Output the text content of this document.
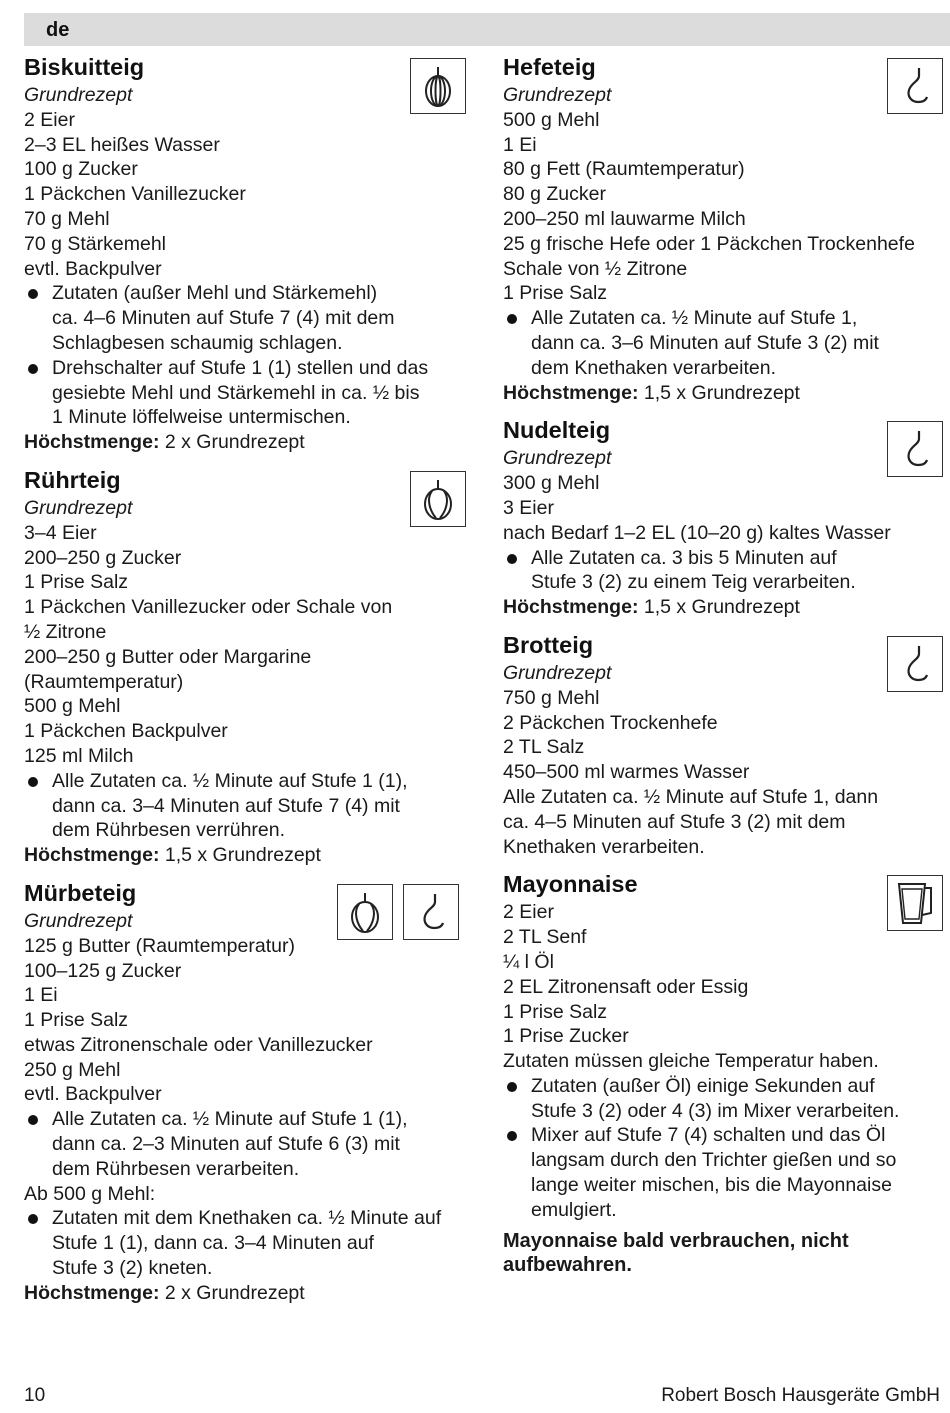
de
Biskuitteig
Grundrezept
2 Eier
2–3 EL heißes Wasser
100 g Zucker
1 Päckchen Vanillezucker
70 g Mehl
70 g Stärkemehl
evtl. Backpulver
Zutaten (außer Mehl und Stärkemehl)
ca. 4–6 Minuten auf Stufe 7 (4) mit dem
Schlagbesen schaumig schlagen.
Drehschalter auf Stufe 1 (1) stellen und das
gesiebte Mehl und Stärkemehl in ca. ½ bis
1 Minute löffelweise untermischen.
Höchstmenge: 2 x Grundrezept
Rührteig
Grundrezept
3–4 Eier
200–250 g Zucker
1 Prise Salz
1 Päckchen Vanillezucker oder Schale von
½ Zitrone
200–250 g Butter oder Margarine
(Raumtemperatur)
500 g Mehl
1 Päckchen Backpulver
125 ml Milch
Alle Zutaten ca. ½ Minute auf Stufe 1 (1),
dann ca. 3–4 Minuten auf Stufe 7 (4) mit
dem Rührbesen verrühren.
Höchstmenge: 1,5 x Grundrezept
Mürbeteig
Grundrezept
125 g Butter (Raumtemperatur)
100–125 g Zucker
1 Ei
1 Prise Salz
etwas Zitronenschale oder Vanillezucker
250 g Mehl
evtl. Backpulver
Alle Zutaten ca. ½ Minute auf Stufe 1 (1),
dann ca. 2–3 Minuten auf Stufe 6 (3) mit
dem Rührbesen verarbeiten.
Ab 500 g Mehl:
Zutaten mit dem Knethaken ca. ½ Minute auf
Stufe 1 (1), dann ca. 3–4 Minuten auf
Stufe 3 (2) kneten.
Höchstmenge: 2 x Grundrezept
Hefeteig
Grundrezept
500 g Mehl
1 Ei
80 g Fett (Raumtemperatur)
80 g Zucker
200–250 ml lauwarme Milch
25 g frische Hefe oder 1 Päckchen Trockenhefe
Schale von ½ Zitrone
1 Prise Salz
Alle Zutaten ca. ½ Minute auf Stufe 1,
dann ca. 3–6 Minuten auf Stufe 3 (2) mit
dem Knethaken verarbeiten.
Höchstmenge: 1,5 x Grundrezept
Nudelteig
Grundrezept
300 g Mehl
3 Eier
nach Bedarf 1–2 EL (10–20 g) kaltes Wasser
Alle Zutaten ca. 3 bis 5 Minuten auf
Stufe 3 (2) zu einem Teig verarbeiten.
Höchstmenge: 1,5 x Grundrezept
Brotteig
Grundrezept
750 g Mehl
2 Päckchen Trockenhefe
2 TL Salz
450–500 ml warmes Wasser
Alle Zutaten ca. ½ Minute auf Stufe 1, dann
ca. 4–5 Minuten auf Stufe 3 (2) mit dem
Knethaken verarbeiten.
Mayonnaise
2 Eier
2 TL Senf
¼ l Öl
2 EL Zitronensaft oder Essig
1 Prise Salz
1 Prise Zucker
Zutaten müssen gleiche Temperatur haben.
Zutaten (außer Öl) einige Sekunden auf
Stufe 3 (2) oder 4 (3) im Mixer verarbeiten.
Mixer auf Stufe 7 (4) schalten und das Öl
langsam durch den Trichter gießen und so
lange weiter mischen, bis die Mayonnaise
emulgiert.
Mayonnaise bald verbrauchen, nicht
aufbewahren.
10	Robert Bosch Hausgeräte GmbH
